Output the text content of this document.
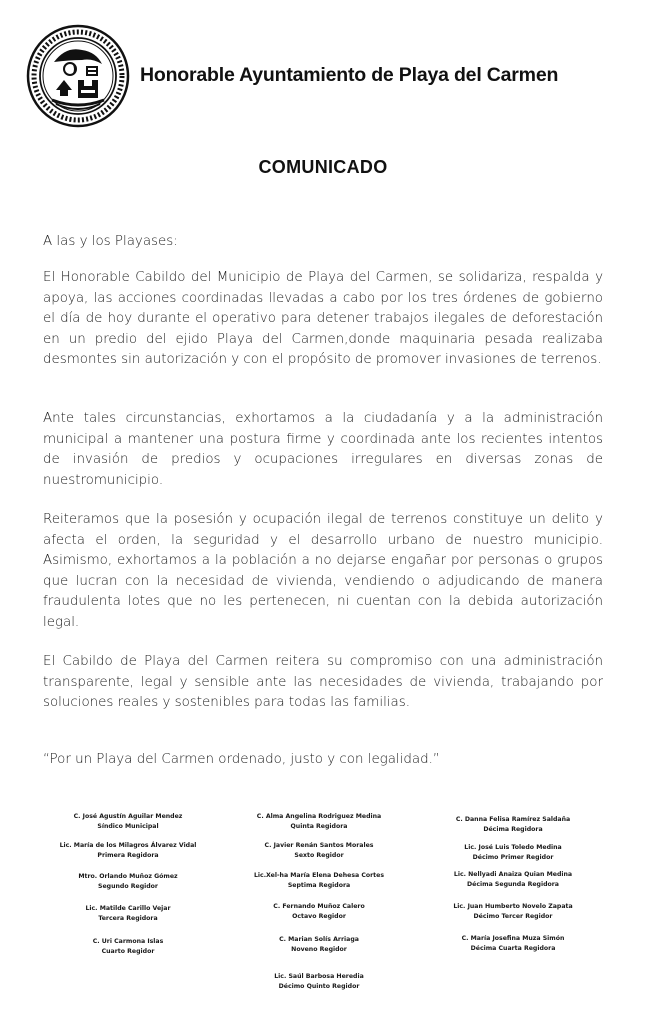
Honorable Ayuntamiento de Playa del Carmen
COMUNICADO
A las y los Playases:
El Honorable Cabildo del Municipio de Playa del Carmen, se solidariza, respalda y apoya, las acciones coordinadas llevadas a cabo por los tres órdenes de gobierno el día de hoy durante el operativo para detener trabajos ilegales de deforestación en un predio del ejido Playa del Carmen,donde maquinaria pesada realizaba desmontes sin autorización y con el propósito de promover invasiones de terrenos.
Ante tales circunstancias, exhortamos a la ciudadanía y a la administración municipal a mantener una postura firme y coordinada ante los recientes intentos de invasión de predios y ocupaciones irregulares en diversas zonas de nuestromunicipio.
Reiteramos que la posesión y ocupación ilegal de terrenos constituye un delito y afecta el orden, la seguridad y el desarrollo urbano de nuestro municipio. Asimismo, exhortamos a la población a no dejarse engañar por personas o grupos que lucran con la necesidad de vivienda, vendiendo o adjudicando de manera fraudulenta lotes que no les pertenecen, ni cuentan con la debida autorización legal.
El Cabildo de Playa del Carmen reitera su compromiso con una administración transparente, legal y sensible ante las necesidades de vivienda, trabajando por soluciones reales y sostenibles para todas las familias.
“Por un Playa del Carmen ordenado, justo y con legalidad.”
C. José Agustín Aguilar Mendez
Síndico Municipal
Lic. María de los Milagros Álvarez Vidal
Primera Regidora
Mtro. Orlando Muñoz Gómez
Segundo Regidor
Lic. Matilde Carillo Vejar
Tercera Regidora
C. Uri Carmona Islas
Cuarto Regidor
C. Alma Angelina Rodriguez Medina
Quinta Regidora
C. Javier Renán Santos Morales
Sexto Regidor
Lic.Xel-ha María Elena Dehesa Cortes
Septima Regidora
C. Fernando Muñoz Calero
Octavo Regidor
C. Marian Solís Arriaga
Noveno Regidor
Lic. Saúl Barbosa Heredia
Décimo Quinto Regidor
C. Danna Felisa Ramírez Saldaña
Décima Regidora
Lic. José Luis Toledo Medina
Décimo Primer Regidor
Lic. Nellyadi Anaiza Quian Medina
Décima Segunda Regidora
Lic. Juan Humberto Novelo Zapata
Décimo Tercer Regidor
C. María Josefina Muza Simón
Décima Cuarta Regidora
